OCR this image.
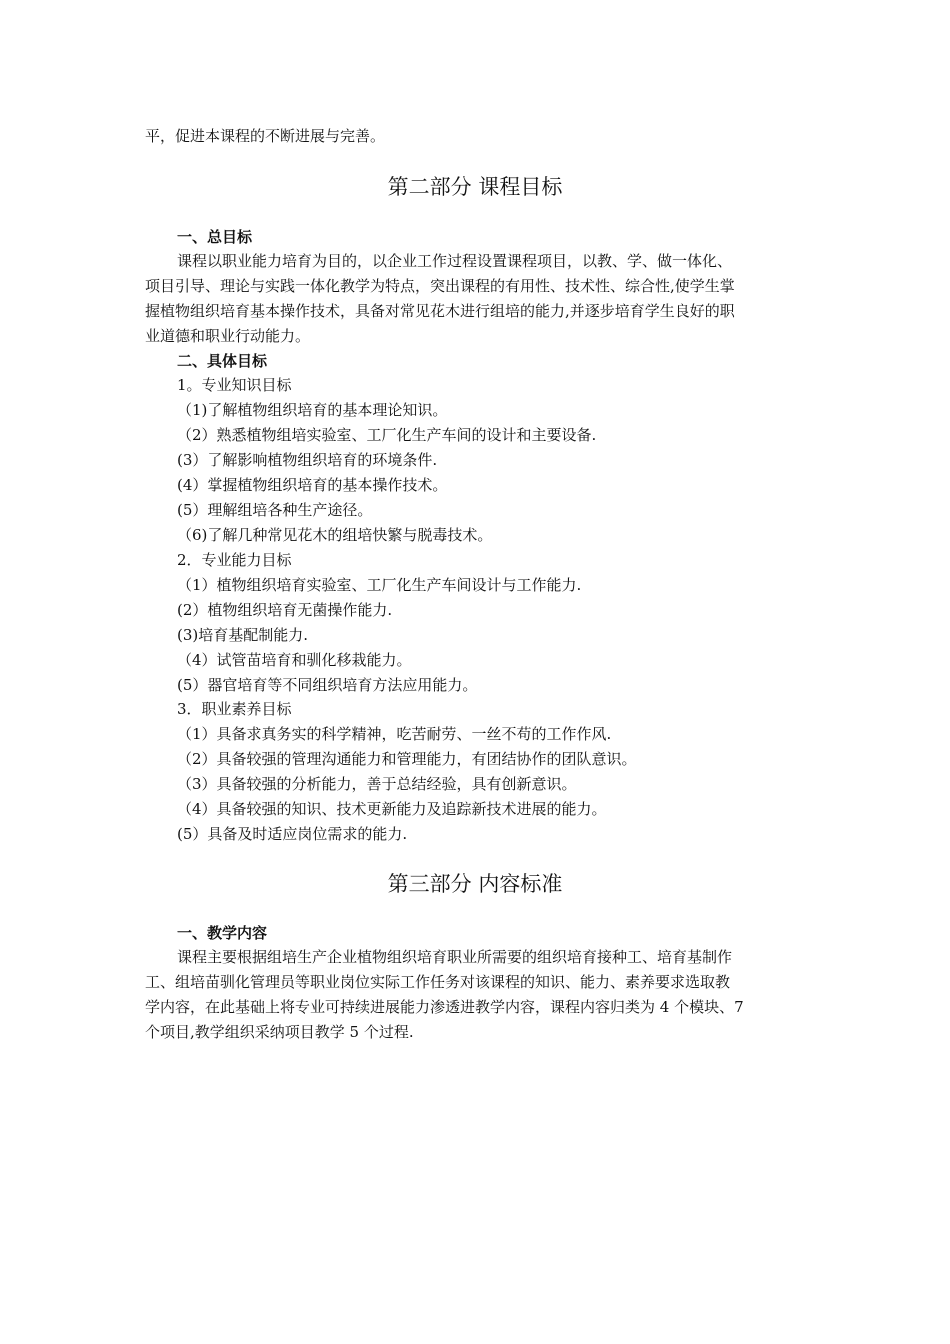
平，促进本课程的不断进展与完善。
第二部分 课程目标
一、总目标
课程以职业能力培育为目的，以企业工作过程设置课程项目，以教、学、做一体化、
项目引导、理论与实践一体化教学为特点，突出课程的有用性、技术性、综合性,使学生掌
握植物组织培育基本操作技术，具备对常见花木进行组培的能力,并逐步培育学生良好的职
业道德和职业行动能力。
二、具体目标
1。专业知识目标
（1)了解植物组织培育的基本理论知识。
（2）熟悉植物组培实验室、工厂化生产车间的设计和主要设备.
(3）了解影响植物组织培育的环境条件.
(4）掌握植物组织培育的基本操作技术。
(5）理解组培各种生产途径。
（6)了解几种常见花木的组培快繁与脱毒技术。
2．专业能力目标
（1）植物组织培育实验室、工厂化生产车间设计与工作能力.
(2）植物组织培育无菌操作能力.
(3)培育基配制能力.
（4）试管苗培育和驯化移栽能力。
(5）器官培育等不同组织培育方法应用能力。
3．职业素养目标
（1）具备求真务实的科学精神，吃苦耐劳、一丝不苟的工作作风.
（2）具备较强的管理沟通能力和管理能力，有团结协作的团队意识。
（3）具备较强的分析能力，善于总结经验，具有创新意识。
（4）具备较强的知识、技术更新能力及追踪新技术进展的能力。
(5）具备及时适应岗位需求的能力.
第三部分 内容标准
一、教学内容
课程主要根据组培生产企业植物组织培育职业所需要的组织培育接种工、培育基制作
工、组培苗驯化管理员等职业岗位实际工作任务对该课程的知识、能力、素养要求选取教
学内容，在此基础上将专业可持续进展能力渗透进教学内容，课程内容归类为 4 个模块、7
个项目,教学组织采纳项目教学 5 个过程.
